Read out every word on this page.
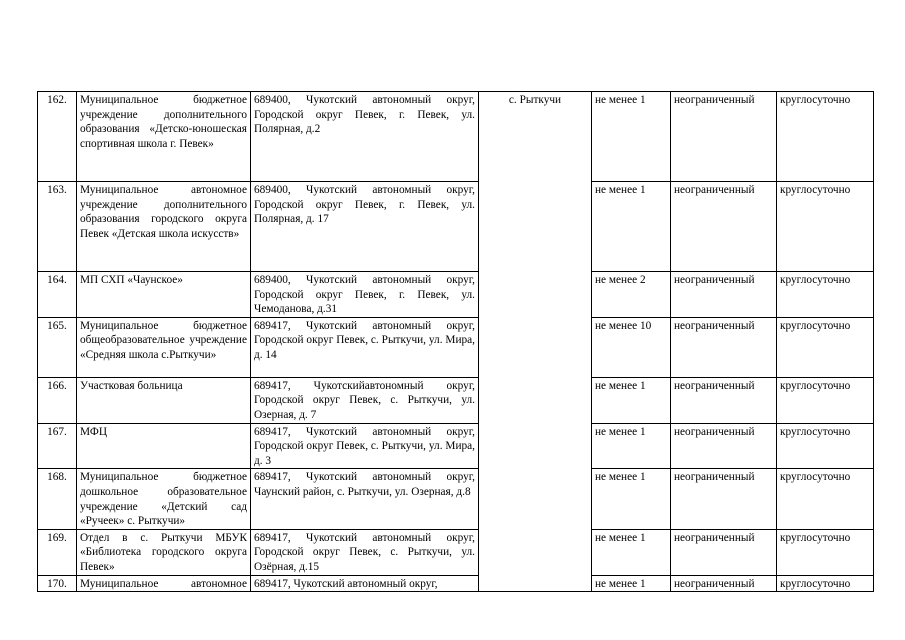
162.	Муниципальное бюджетное учреждение дополнительного образования «Детско-юношеская спортивная школа г. Певек»	689400, Чукотский автономный округ, Городской округ Певек, г. Певек, ул. Полярная, д.2	с. Рыткучи	не менее 1	неограниченный	круглосуточно
163.	Муниципальное автономное учреждение дополнительного образования городского округа Певек «Детская школа искусств»	689400, Чукотский автономный округ, Городской округ Певек, г. Певек, ул. Полярная, д. 17		не менее 1	неограниченный	круглосуточно
164.	МП СХП «Чаунское»	689400, Чукотский автономный округ, Городской округ Певек, г. Певек, ул. Чемоданова, д.31		не менее 2	неограниченный	круглосуточно
165.	Муниципальное бюджетное общеобразовательное учреждение «Средняя школа с.Рыткучи»	689417, Чукотский автономный округ, Городской округ Певек, с. Рыткучи, ул. Мира, д. 14		не менее 10	неограниченный	круглосуточно
166.	Участковая больница	689417, Чукотскийавтономный округ, Городской округ Певек, с. Рыткучи, ул. Озерная, д. 7		не менее 1	неограниченный	круглосуточно
167.	МФЦ	689417, Чукотский автономный округ, Городской округ Певек, с. Рыткучи, ул. Мира, д. 3		не менее 1	неограниченный	круглосуточно
168.	Муниципальное бюджетное дошкольное образовательное учреждение «Детский сад «Ручеек» с. Рыткучи»	689417, Чукотский автономный округ, Чаунский район, с. Рыткучи, ул. Озерная, д.8		не менее 1	неограниченный	круглосуточно
169.	Отдел в с. Рыткучи МБУК «Библиотека городского округа Певек»	689417, Чукотский автономный округ, Городской округ Певек, с. Рыткучи, ул. Озёрная, д.15		не менее 1	неограниченный	круглосуточно
170.	Муниципальное автономное	689417, Чукотский автономный округ,		не менее 1	неограниченный	круглосуточно
